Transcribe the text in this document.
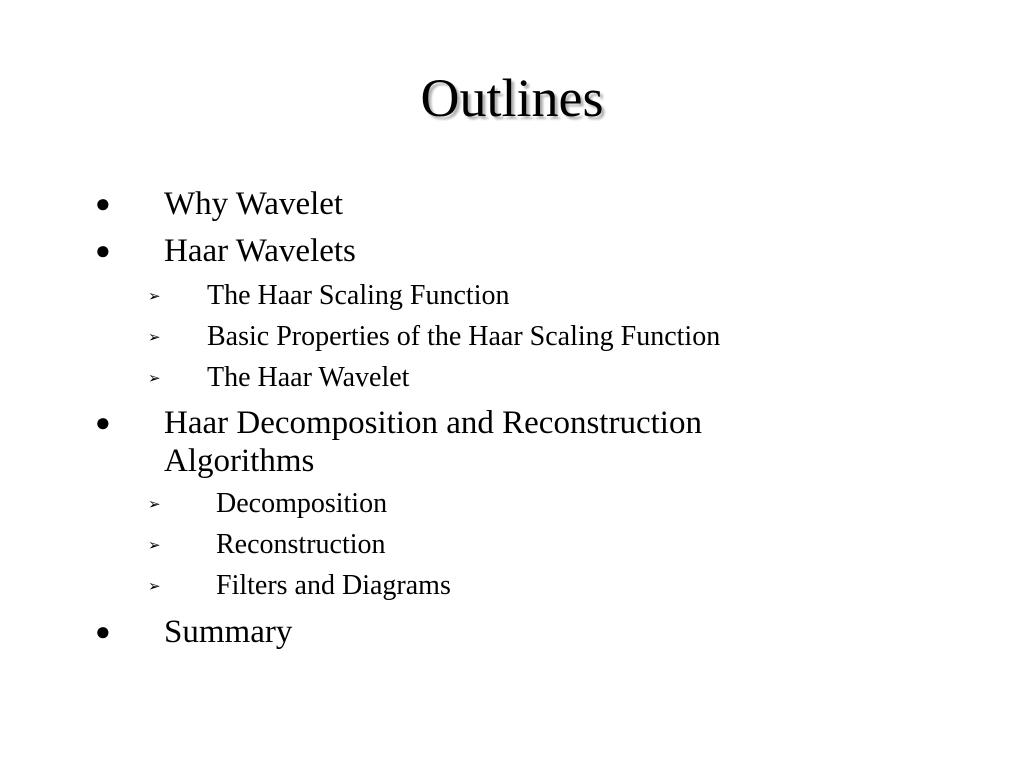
Outlines
● Why Wavelet
● Haar Wavelets
➢ The Haar Scaling Function
➢ Basic Properties of the Haar Scaling Function
➢ The Haar Wavelet
● Haar Decomposition and Reconstruction
Algorithms
➢ Decomposition
➢ Reconstruction
➢ Filters and Diagrams
● Summary
